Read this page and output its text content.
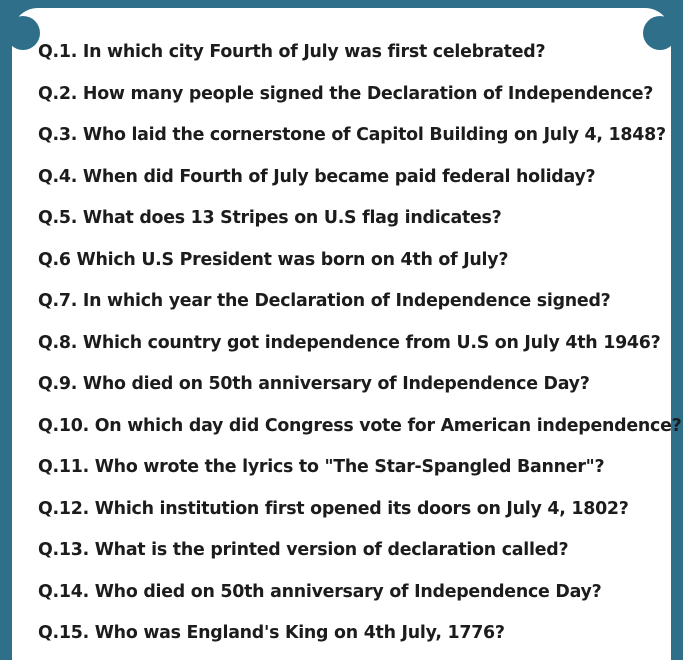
Q.1. In which city Fourth of July was first celebrated?
Q.2. How many people signed the Declaration of Independence?
Q.3. Who laid the cornerstone of Capitol Building on July 4, 1848?
Q.4. When did Fourth of July became paid federal holiday?
Q.5. What does 13 Stripes on U.S flag indicates?
Q.6 Which U.S President was born on 4th of July?
Q.7. In which year the Declaration of Independence signed?
Q.8. Which country got independence from U.S on July 4th 1946?
Q.9. Who died on 50th anniversary of Independence Day?
Q.10. On which day did Congress vote for American independence?
Q.11. Who wrote the lyrics to "The Star-Spangled Banner"?
Q.12. Which institution first opened its doors on July 4, 1802?
Q.13. What is the printed version of declaration called?
Q.14. Who died on 50th anniversary of Independence Day?
Q.15. Who was England's King on 4th July, 1776?
